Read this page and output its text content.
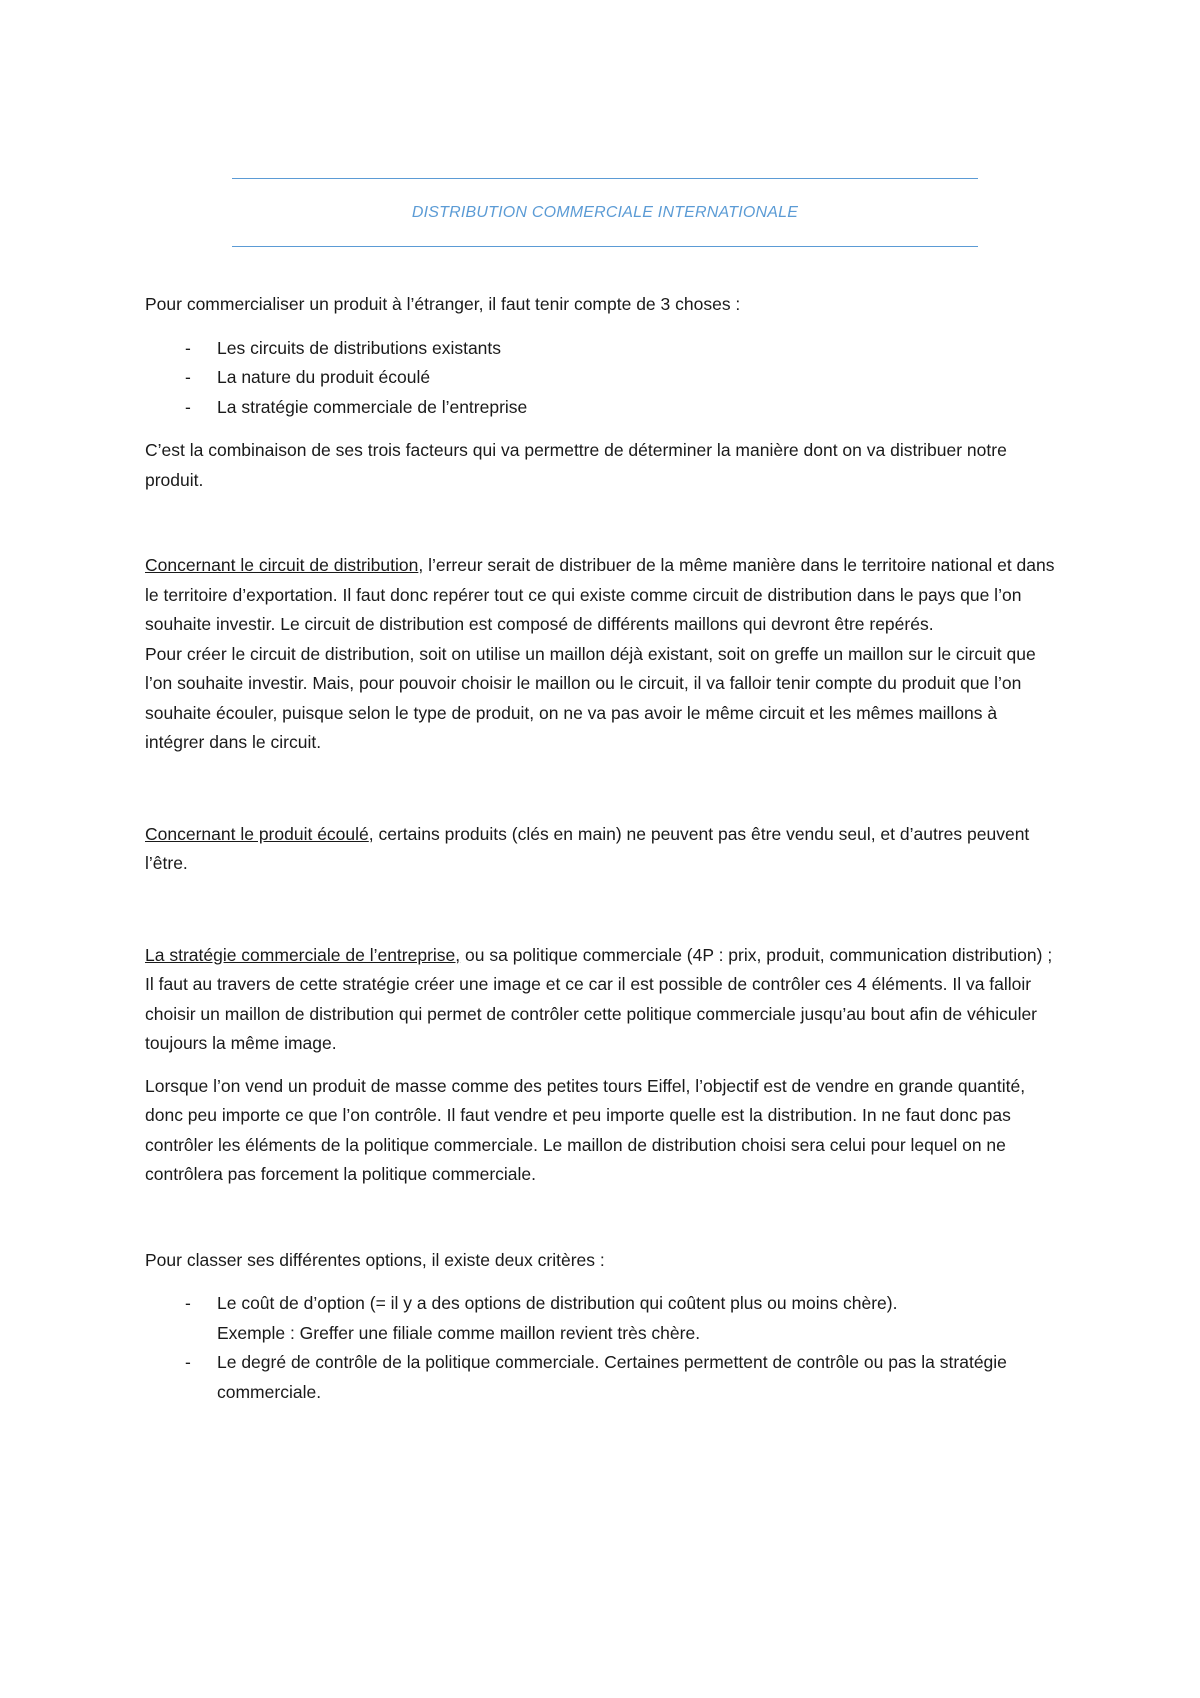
DISTRIBUTION COMMERCIALE INTERNATIONALE

Pour commercialiser un produit à l’étranger, il faut tenir compte de 3 choses :

- Les circuits de distributions existants
- La nature du produit écoulé
- La stratégie commerciale de l’entreprise

C’est la combinaison de ses trois facteurs qui va permettre de déterminer la manière dont on va distribuer notre produit.

Concernant le circuit de distribution, l’erreur serait de distribuer de la même manière dans le territoire national et dans le territoire d’exportation. Il faut donc repérer tout ce qui existe comme circuit de distribution dans le pays que l’on souhaite investir. Le circuit de distribution est composé de différents maillons qui devront être repérés.

Pour créer le circuit de distribution, soit on utilise un maillon déjà existant, soit on greffe un maillon sur le circuit que l’on souhaite investir. Mais, pour pouvoir choisir le maillon ou le circuit, il va falloir tenir compte du produit que l’on souhaite écouler, puisque selon le type de produit, on ne va pas avoir le même circuit et les mêmes maillons à intégrer dans le circuit.

Concernant le produit écoulé, certains produits (clés en main) ne peuvent pas être vendu seul, et d’autres peuvent l’être.

La stratégie commerciale de l’entreprise, ou sa politique commerciale (4P : prix, produit, communication distribution) ; Il faut au travers de cette stratégie créer une image et ce car il est possible de contrôler ces 4 éléments. Il va falloir choisir un maillon de distribution qui permet de contrôler cette politique commerciale jusqu’au bout afin de véhiculer toujours la même image.

Lorsque l’on vend un produit de masse comme des petites tours Eiffel, l’objectif est de vendre en grande quantité, donc peu importe ce que l’on contrôle. Il faut vendre et peu importe quelle est la distribution. In ne faut donc pas contrôler les éléments de la politique commerciale. Le maillon de distribution choisi sera celui pour lequel on ne contrôlera pas forcement la politique commerciale.

Pour classer ses différentes options, il existe deux critères :

- Le coût de d’option (= il y a des options de distribution qui coûtent plus ou moins chère).
Exemple : Greffer une filiale comme maillon revient très chère.
- Le degré de contrôle de la politique commerciale. Certaines permettent de contrôle ou pas la stratégie commerciale.
